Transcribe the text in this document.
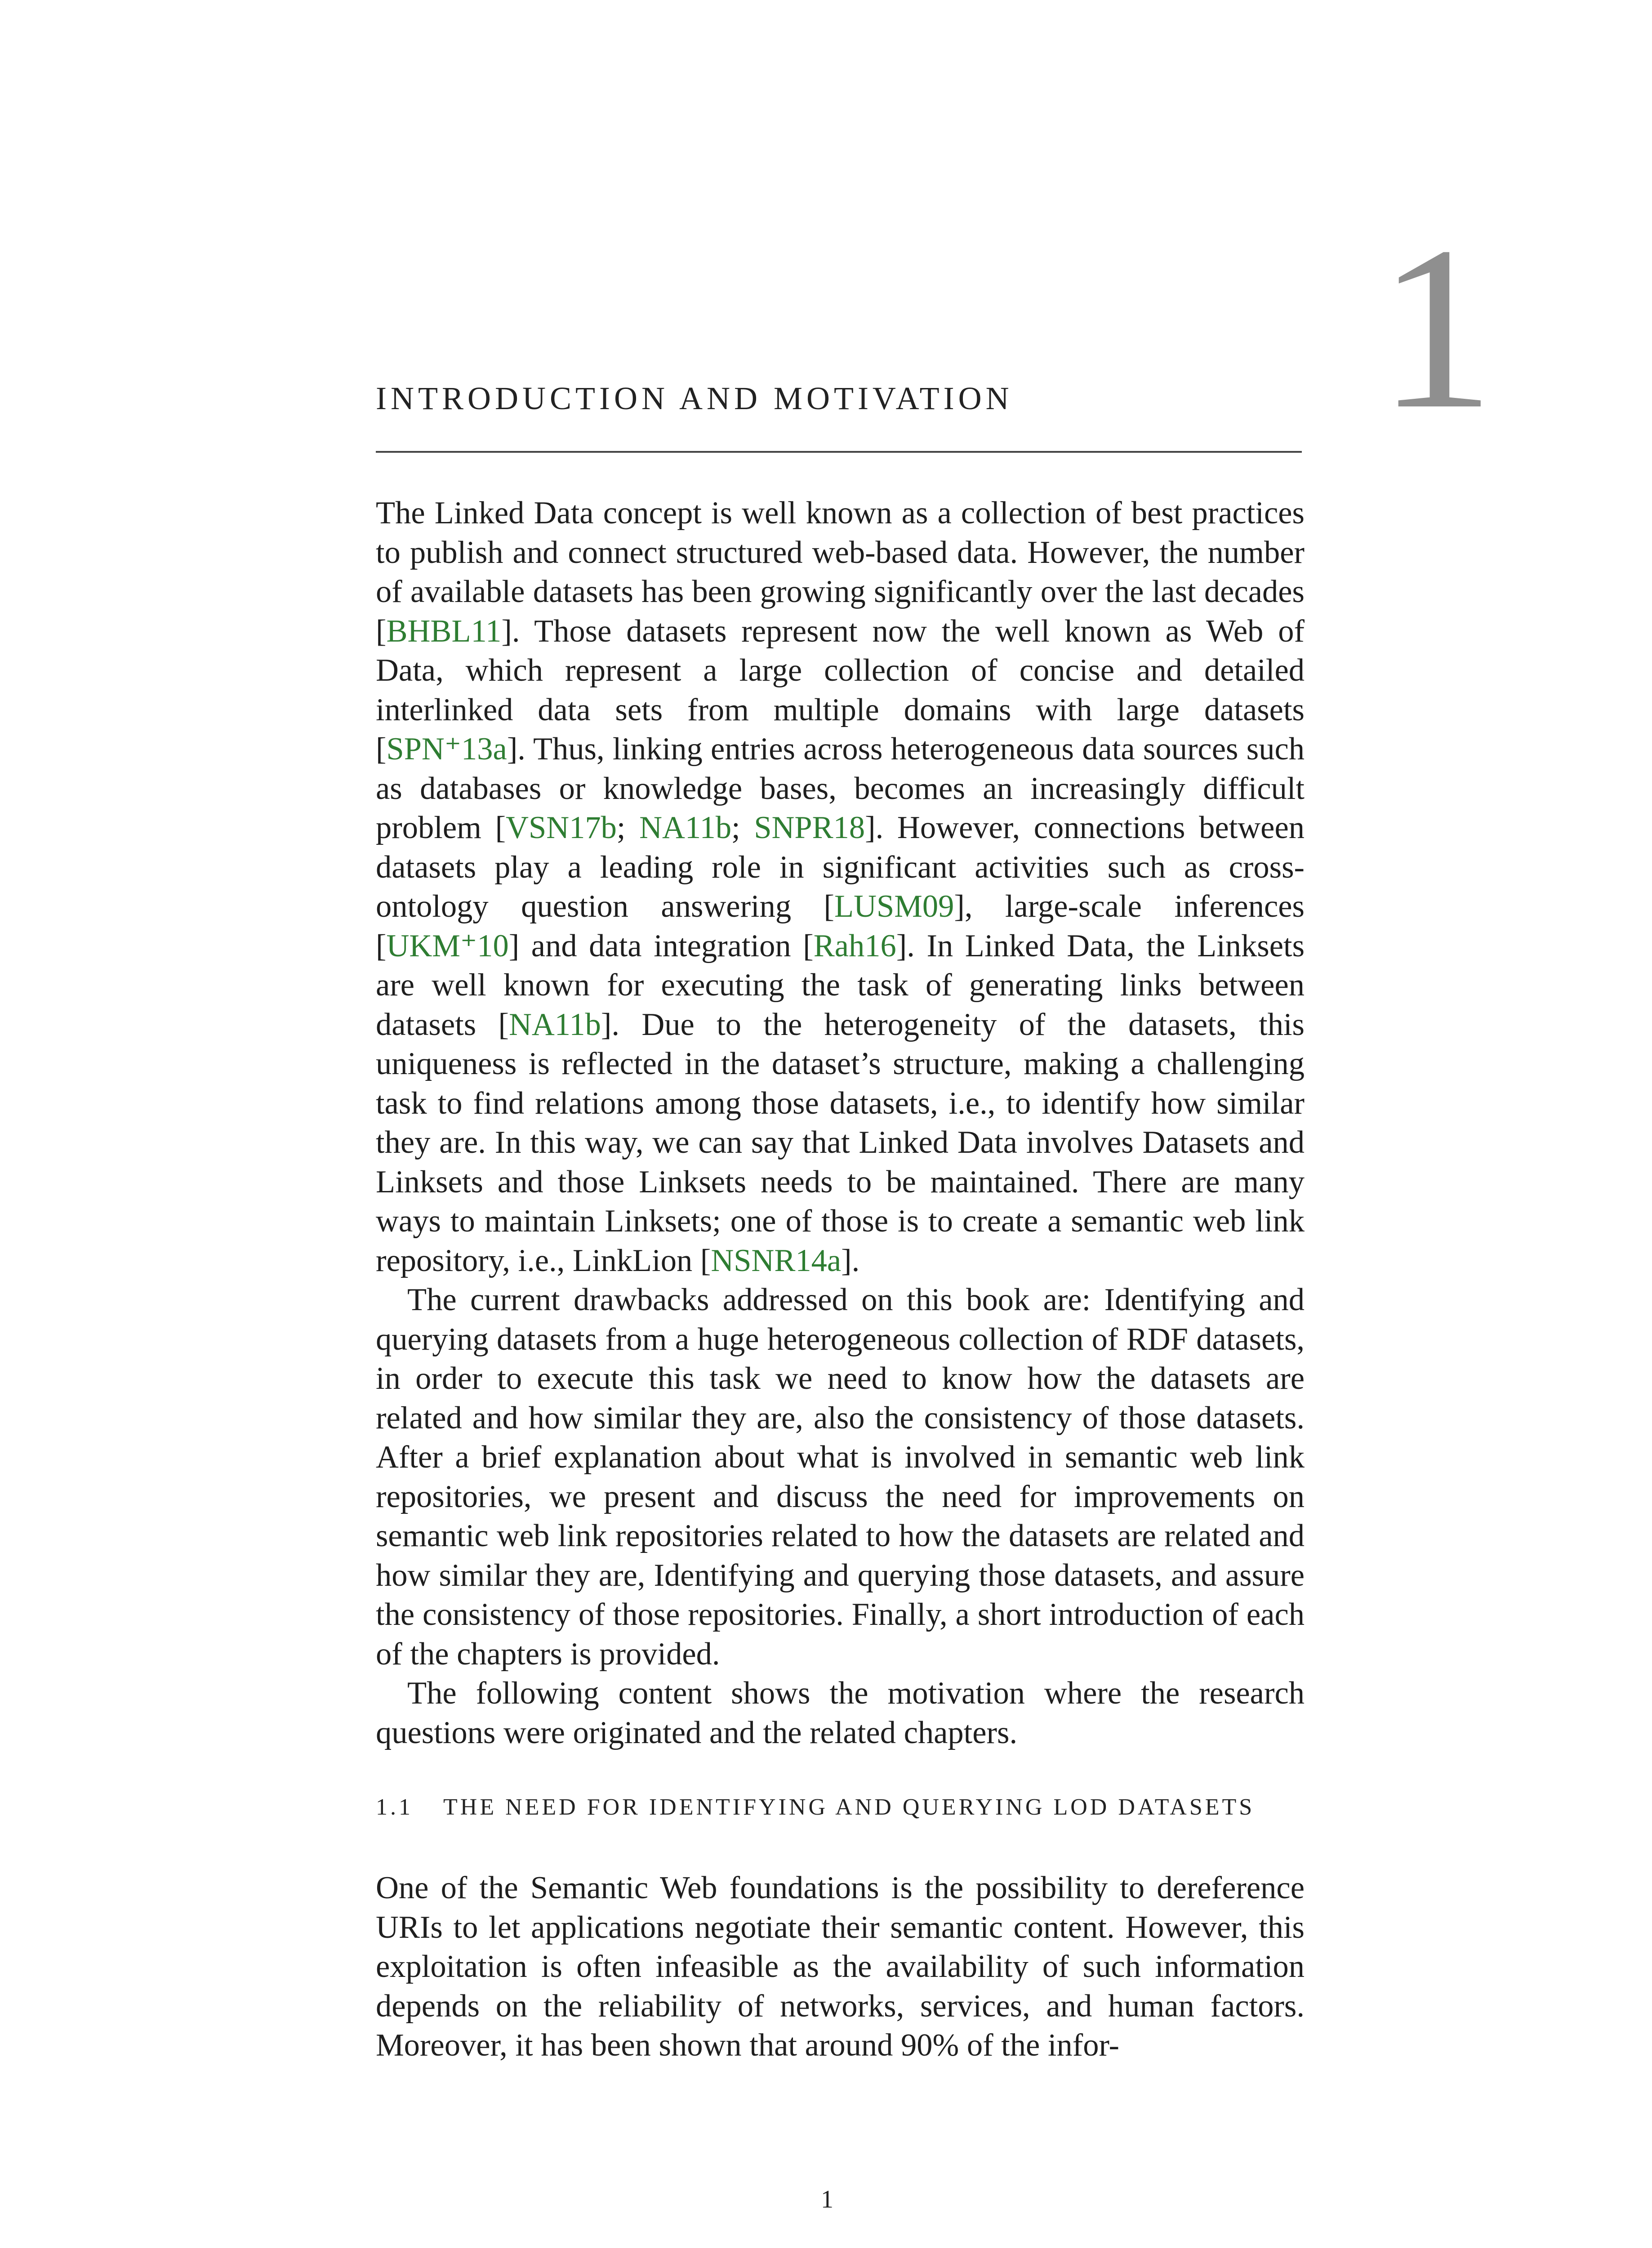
1
INTRODUCTION AND MOTIVATION

The Linked Data concept is well known as a collection of best practices to publish and connect structured web-based data. However, the number of available datasets has been growing significantly over the last decades [BHBL11]. Those datasets represent now the well known as Web of Data, which represent a large collection of concise and detailed interlinked data sets from multiple domains with large datasets [SPN⁺13a]. Thus, linking entries across heterogeneous data sources such as databases or knowledge bases, becomes an increasingly difficult problem [VSN17b; NA11b; SNPR18]. However, connections between datasets play a leading role in significant activities such as cross-ontology question answering [LUSM09], large-scale inferences [UKM⁺10] and data integration [Rah16]. In Linked Data, the Linksets are well known for executing the task of generating links between datasets [NA11b]. Due to the heterogeneity of the datasets, this uniqueness is reflected in the dataset’s structure, making a challenging task to find relations among those datasets, i.e., to identify how similar they are. In this way, we can say that Linked Data involves Datasets and Linksets and those Linksets needs to be maintained. There are many ways to maintain Linksets; one of those is to create a semantic web link repository, i.e., LinkLion [NSNR14a].

The current drawbacks addressed on this book are: Identifying and querying datasets from a huge heterogeneous collection of RDF datasets, in order to execute this task we need to know how the datasets are related and how similar they are, also the consistency of those datasets. After a brief explanation about what is involved in semantic web link repositories, we present and discuss the need for improvements on semantic web link repositories related to how the datasets are related and how similar they are, Identifying and querying those datasets, and assure the consistency of those repositories. Finally, a short introduction of each of the chapters is provided.

The following content shows the motivation where the research questions were originated and the related chapters.

1.1 THE NEED FOR IDENTIFYING AND QUERYING LOD DATASETS

One of the Semantic Web foundations is the possibility to dereference URIs to let applications negotiate their semantic content. However, this exploitation is often infeasible as the availability of such information depends on the reliability of networks, services, and human factors. Moreover, it has been shown that around 90% of the infor-

1
